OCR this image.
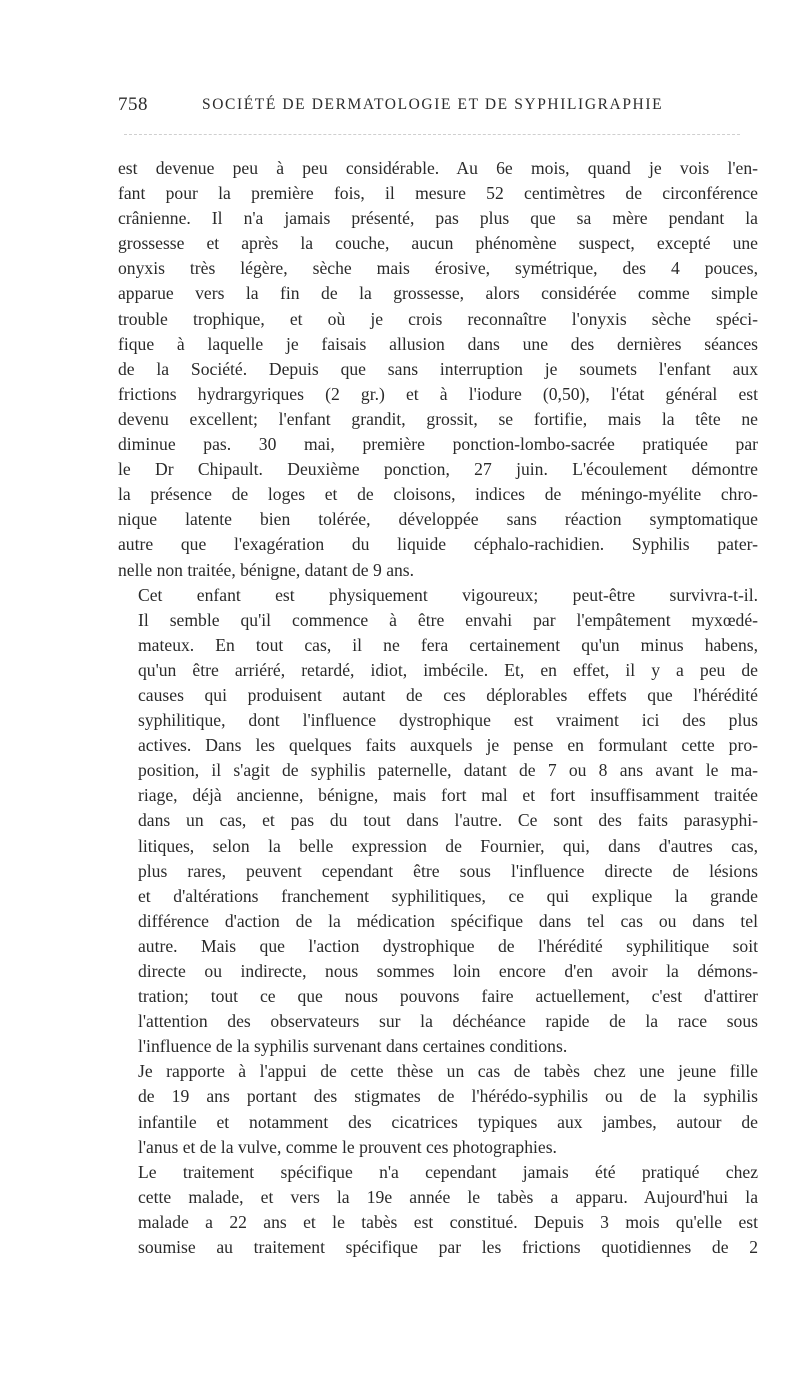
758	SOCIÉTÉ DE DERMATOLOGIE ET DE SYPHILIGRAPHIE

est devenue peu à peu considérable. Au 6e mois, quand je vois l'en-
fant pour la première fois, il mesure 52 centimètres de circonférence
crânienne. Il n'a jamais présenté, pas plus que sa mère pendant la
grossesse et après la couche, aucun phénomène suspect, excepté une
onyxis très légère, sèche mais érosive, symétrique, des 4 pouces,
apparue vers la fin de la grossesse, alors considérée comme simple
trouble trophique, et où je crois reconnaître l'onyxis sèche spéci-
fique à laquelle je faisais allusion dans une des dernières séances
de la Société. Depuis que sans interruption je soumets l'enfant aux
frictions hydrargyriques (2 gr.) et à l'iodure (0,50), l'état général est
devenu excellent; l'enfant grandit, grossit, se fortifie, mais la tête ne
diminue pas. 30 mai, première ponction-lombo-sacrée pratiquée par
le Dr Chipault. Deuxième ponction, 27 juin. L'écoulement démontre
la présence de loges et de cloisons, indices de méningo-myélite chro-
nique latente bien tolérée, développée sans réaction symptomatique
autre que l'exagération du liquide céphalo-rachidien. Syphilis pater-
nelle non traitée, bénigne, datant de 9 ans.

Cet enfant est physiquement vigoureux; peut-être survivra-t-il.
Il semble qu'il commence à être envahi par l'empâtement myxœdé-
mateux. En tout cas, il ne fera certainement qu'un minus habens,
qu'un être arriéré, retardé, idiot, imbécile. Et, en effet, il y a peu de
causes qui produisent autant de ces déplorables effets que l'hérédité
syphilitique, dont l'influence dystrophique est vraiment ici des plus
actives. Dans les quelques faits auxquels je pense en formulant cette pro-
position, il s'agit de syphilis paternelle, datant de 7 ou 8 ans avant le ma-
riage, déjà ancienne, bénigne, mais fort mal et fort insuffisamment traitée
dans un cas, et pas du tout dans l'autre. Ce sont des faits parasyphi-
litiques, selon la belle expression de Fournier, qui, dans d'autres cas,
plus rares, peuvent cependant être sous l'influence directe de lésions
et d'altérations franchement syphilitiques, ce qui explique la grande
différence d'action de la médication spécifique dans tel cas ou dans tel
autre. Mais que l'action dystrophique de l'hérédité syphilitique soit
directe ou indirecte, nous sommes loin encore d'en avoir la démons-
tration; tout ce que nous pouvons faire actuellement, c'est d'attirer
l'attention des observateurs sur la déchéance rapide de la race sous
l'influence de la syphilis survenant dans certaines conditions.

Je rapporte à l'appui de cette thèse un cas de tabès chez une jeune fille
de 19 ans portant des stigmates de l'hérédo-syphilis ou de la syphilis
infantile et notamment des cicatrices typiques aux jambes, autour de
l'anus et de la vulve, comme le prouvent ces photographies.

Le traitement spécifique n'a cependant jamais été pratiqué chez
cette malade, et vers la 19e année le tabès a apparu. Aujourd'hui la
malade a 22 ans et le tabès est constitué. Depuis 3 mois qu'elle est
soumise au traitement spécifique par les frictions quotidiennes de 2
